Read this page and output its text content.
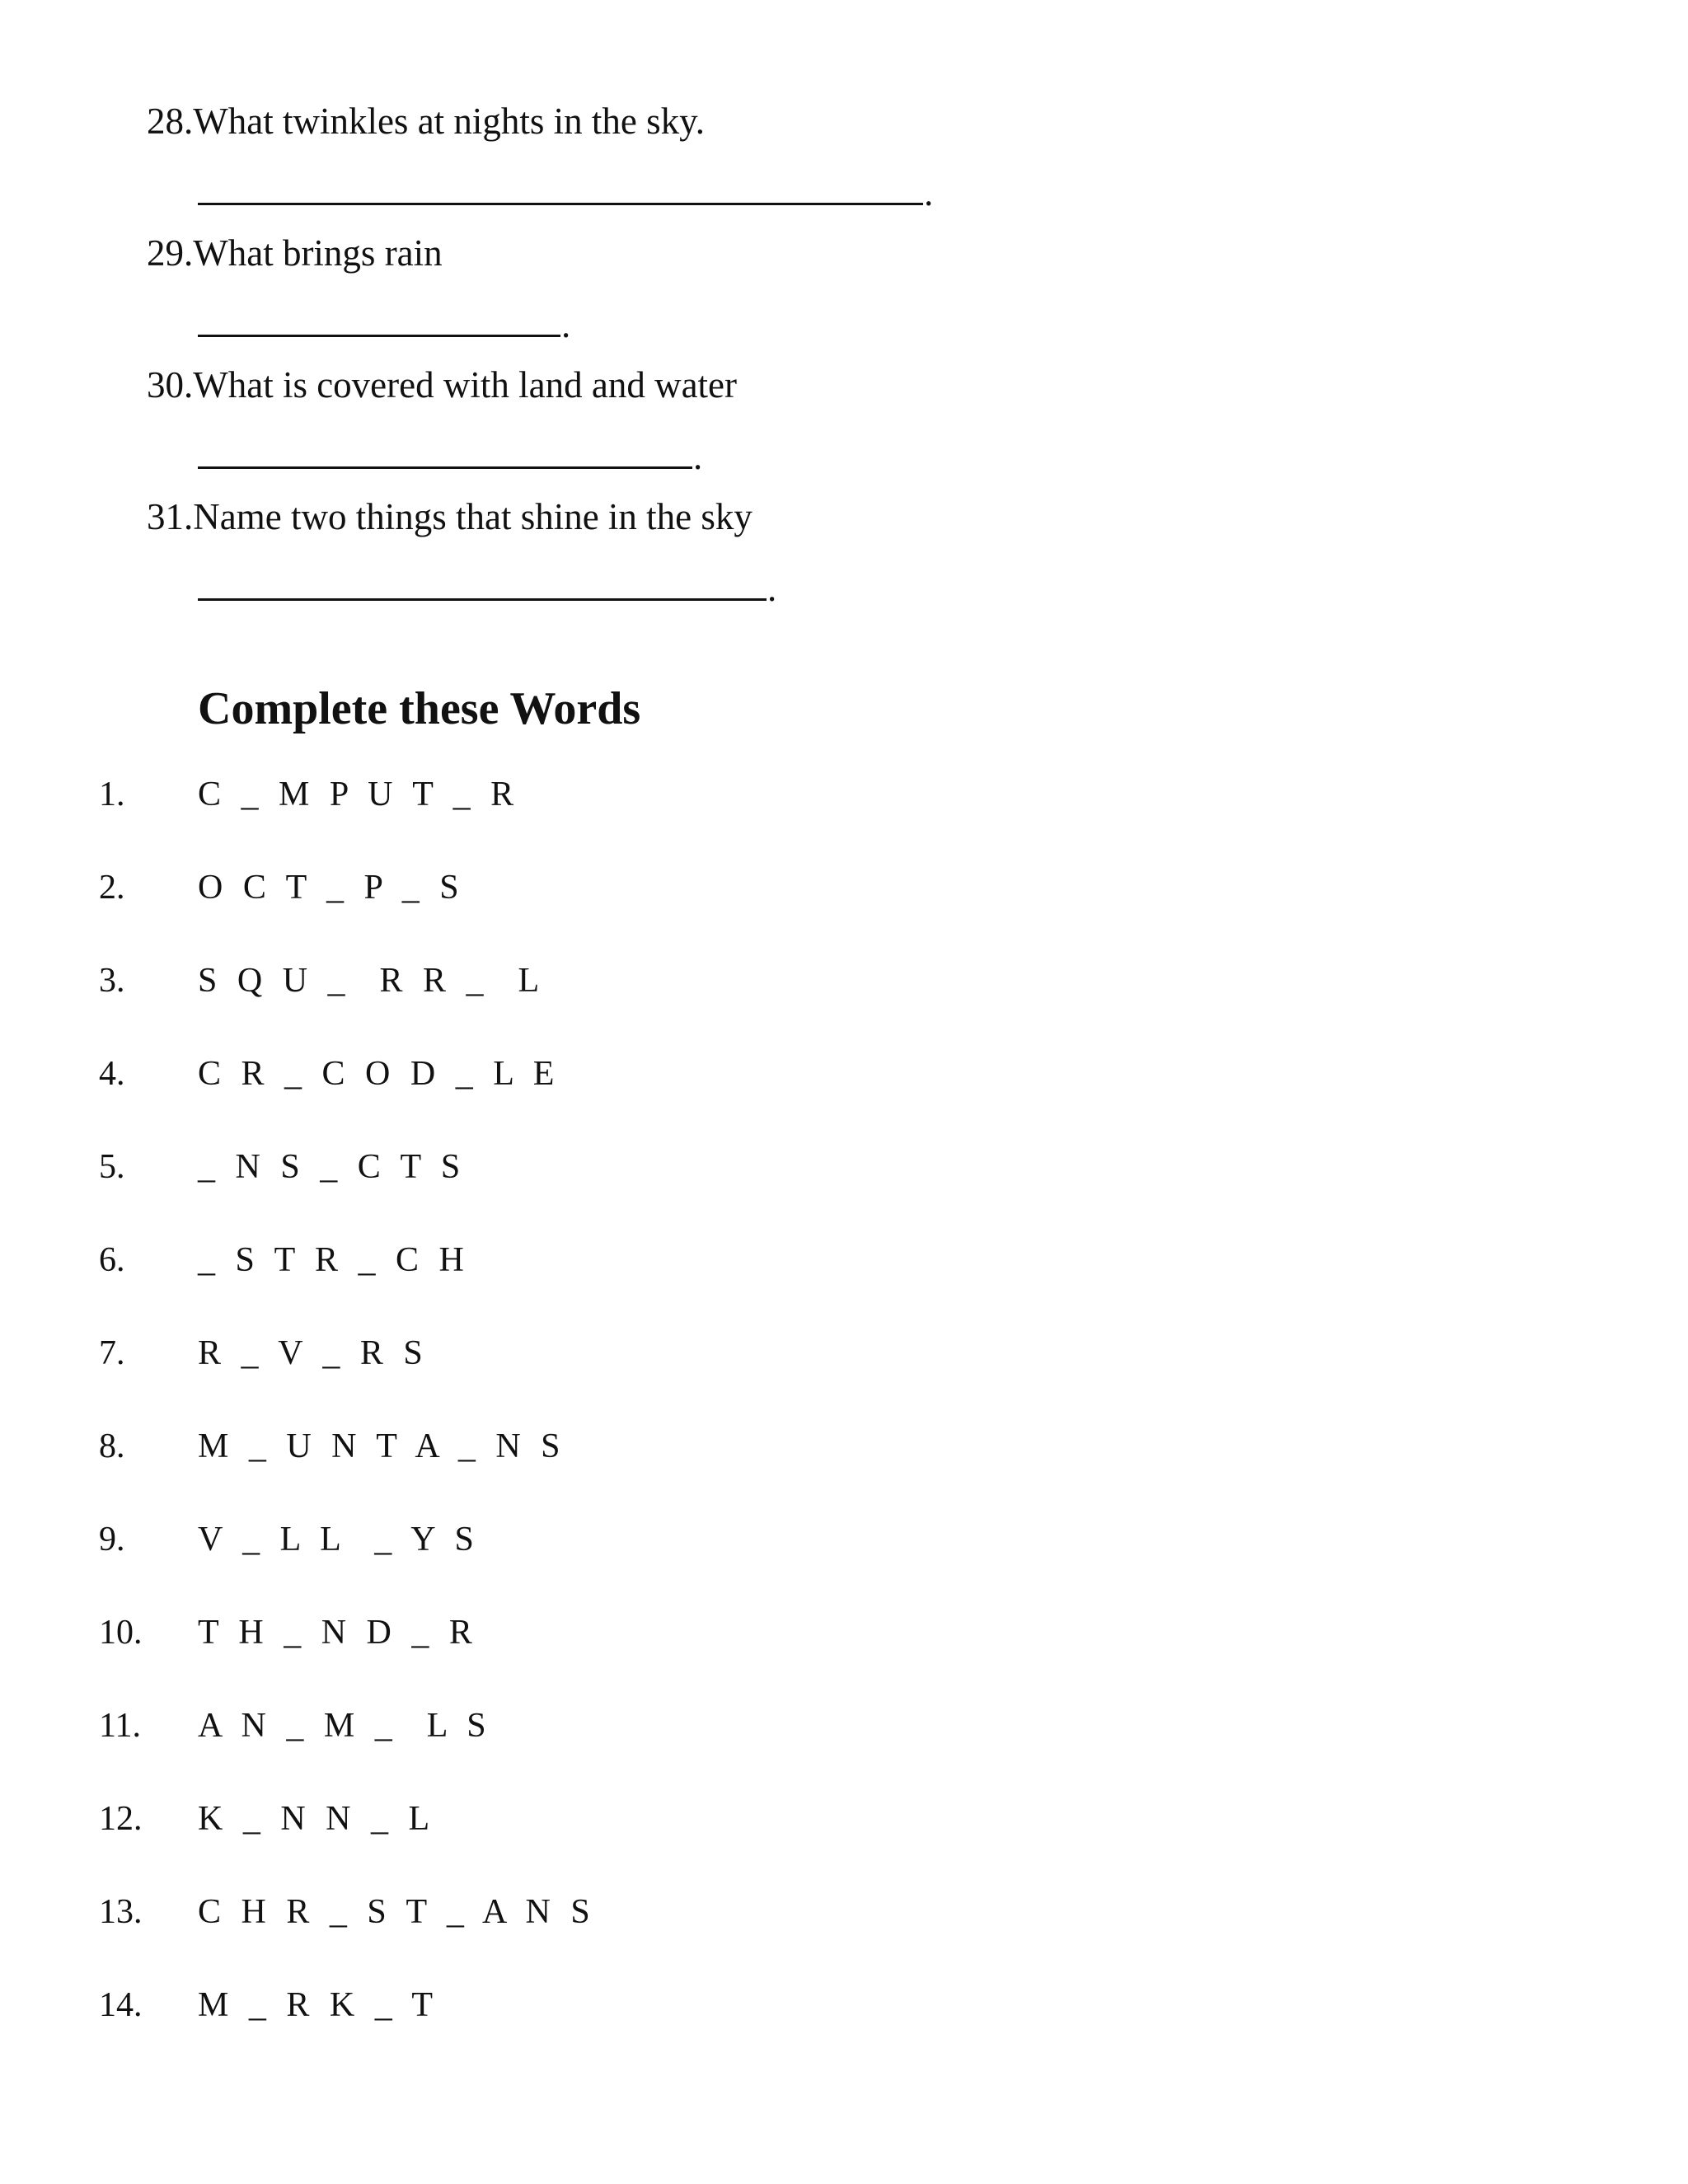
28.What twinkles at nights in the sky.
.
29.What brings rain
.
30.What is covered with land and water
.
31.Name two things that shine in the sky
.
Complete these Words
1. C _ M P U T _ R
2. O C T _ P _ S
3. S Q U _  R R _  L
4. C R _ C O D _ L E
5. _ N S _ C T S
6. _ S T R _ C H
7. R _ V _ R S
8. M _ U N T A _ N S
9. V _ L L  _ Y S
10. T H _ N D _ R
11. A N _ M _  L S
12. K _ N N _ L
13. C H R _ S T _ A N S
14. M _ R K _ T
